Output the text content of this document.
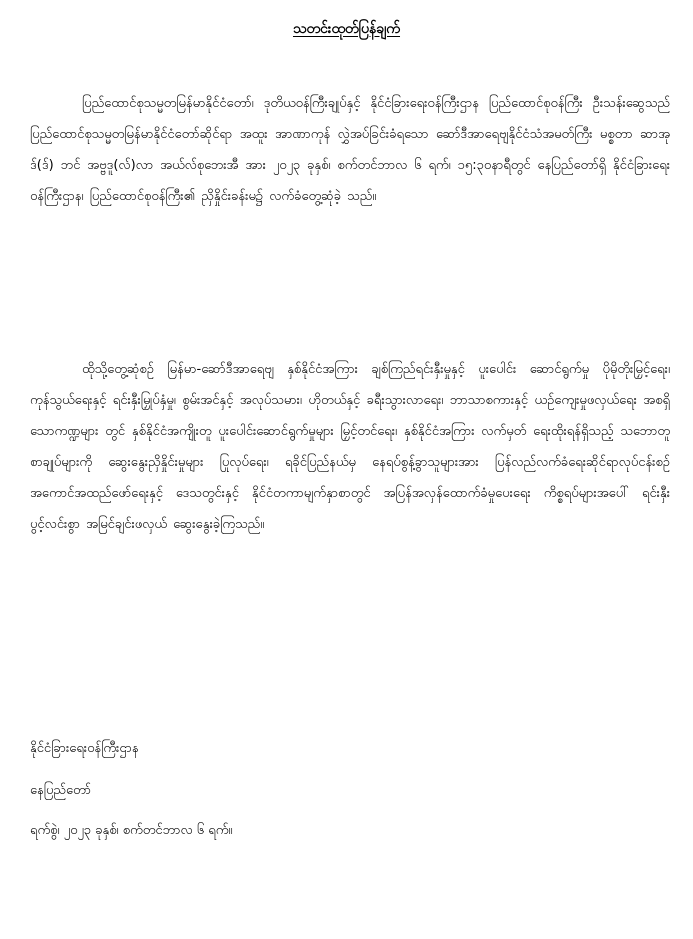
သတင်းထုတ်ပြန်ချက်

ပြည်ထောင်စုသမ္မတမြန်မာနိုင်ငံတော်၊ ဒုတိယဝန်ကြီးချုပ်နှင့် နိုင်ငံခြားရေးဝန်ကြီးဌာန ပြည်ထောင်စုဝန်ကြီး ဦးသန်းဆွေသည် ပြည်ထောင်စုသမ္မတမြန်မာနိုင်ငံတော်ဆိုင်ရာ အထူး အာဏာကုန် လွှဲအပ်ခြင်းခံရသော ဆော်ဒီအာရေဗျနိုင်ငံသံအမတ်ကြီး မစ္စတာ ဆာအုဒ်(ဒ်) ဘင် အဗ္ဗဒူ(လ်)လာ အယ်လ်စုဘေးအီ အား ၂၀၂၃ ခုနှစ်၊ စက်တင်ဘာလ ၆ ရက်၊ ၁၅:၃၀နာရီတွင် နေပြည်တော်ရှိ နိုင်ငံခြားရေးဝန်ကြီးဌာန၊ ပြည်ထောင်စုဝန်ကြီး၏ ညှိနှိုင်းခန်းမ၌ လက်ခံတွေ့ဆုံခဲ့ သည်။

ထိုသို့တွေ့ဆုံစဉ် မြန်မာ-ဆော်ဒီအာရေဗျ နှစ်နိုင်ငံအကြား ချစ်ကြည်ရင်းနှီးမှုနှင့် ပူးပေါင်း ဆောင်ရွက်မှု ပိုမိုတိုးမြှင့်ရေး၊ ကုန်သွယ်ရေးနှင့် ရင်းနှီးမြှုပ်နှံမှု၊ စွမ်းအင်နှင့် အလုပ်သမား၊ ဟိုတယ်နှင့် ခရီးသွားလာရေး၊ ဘာသာစကားနှင့် ယဉ်ကျေးမှုဖလှယ်ရေး အစရှိသောကဏ္ဍများ တွင် နှစ်နိုင်ငံအကျိုးတူ ပူးပေါင်းဆောင်ရွက်မှုများ မြှင့်တင်ရေး၊ နှစ်နိုင်ငံအကြား လက်မှတ် ရေးထိုးရန်ရှိသည့် သဘောတူစာချုပ်များကို ဆွေးနွေးညှိနှိုင်းမှုများ ပြုလုပ်ရေး၊ ရခိုင်ပြည်နယ်မှ နေရပ်စွန့်ခွာသူများအား ပြန်လည်လက်ခံရေးဆိုင်ရာလုပ်ငန်းစဉ် အကောင်အထည်ဖော်ရေးနှင့် ဒေသတွင်းနှင့် နိုင်ငံတကာမျက်နှာစာတွင် အပြန်အလှန်ထောက်ခံမှုပေးရေး ကိစ္စရပ်များအပေါ် ရင်းနှီးပွင့်လင်းစွာ အမြင်ချင်းဖလှယ် ဆွေးနွေးခဲ့ကြသည်။

နိုင်ငံခြားရေးဝန်ကြီးဌာန

နေပြည်တော်

ရက်စွဲ၊ ၂၀၂၃ ခုနှစ်၊ စက်တင်ဘာလ ၆ ရက်။
